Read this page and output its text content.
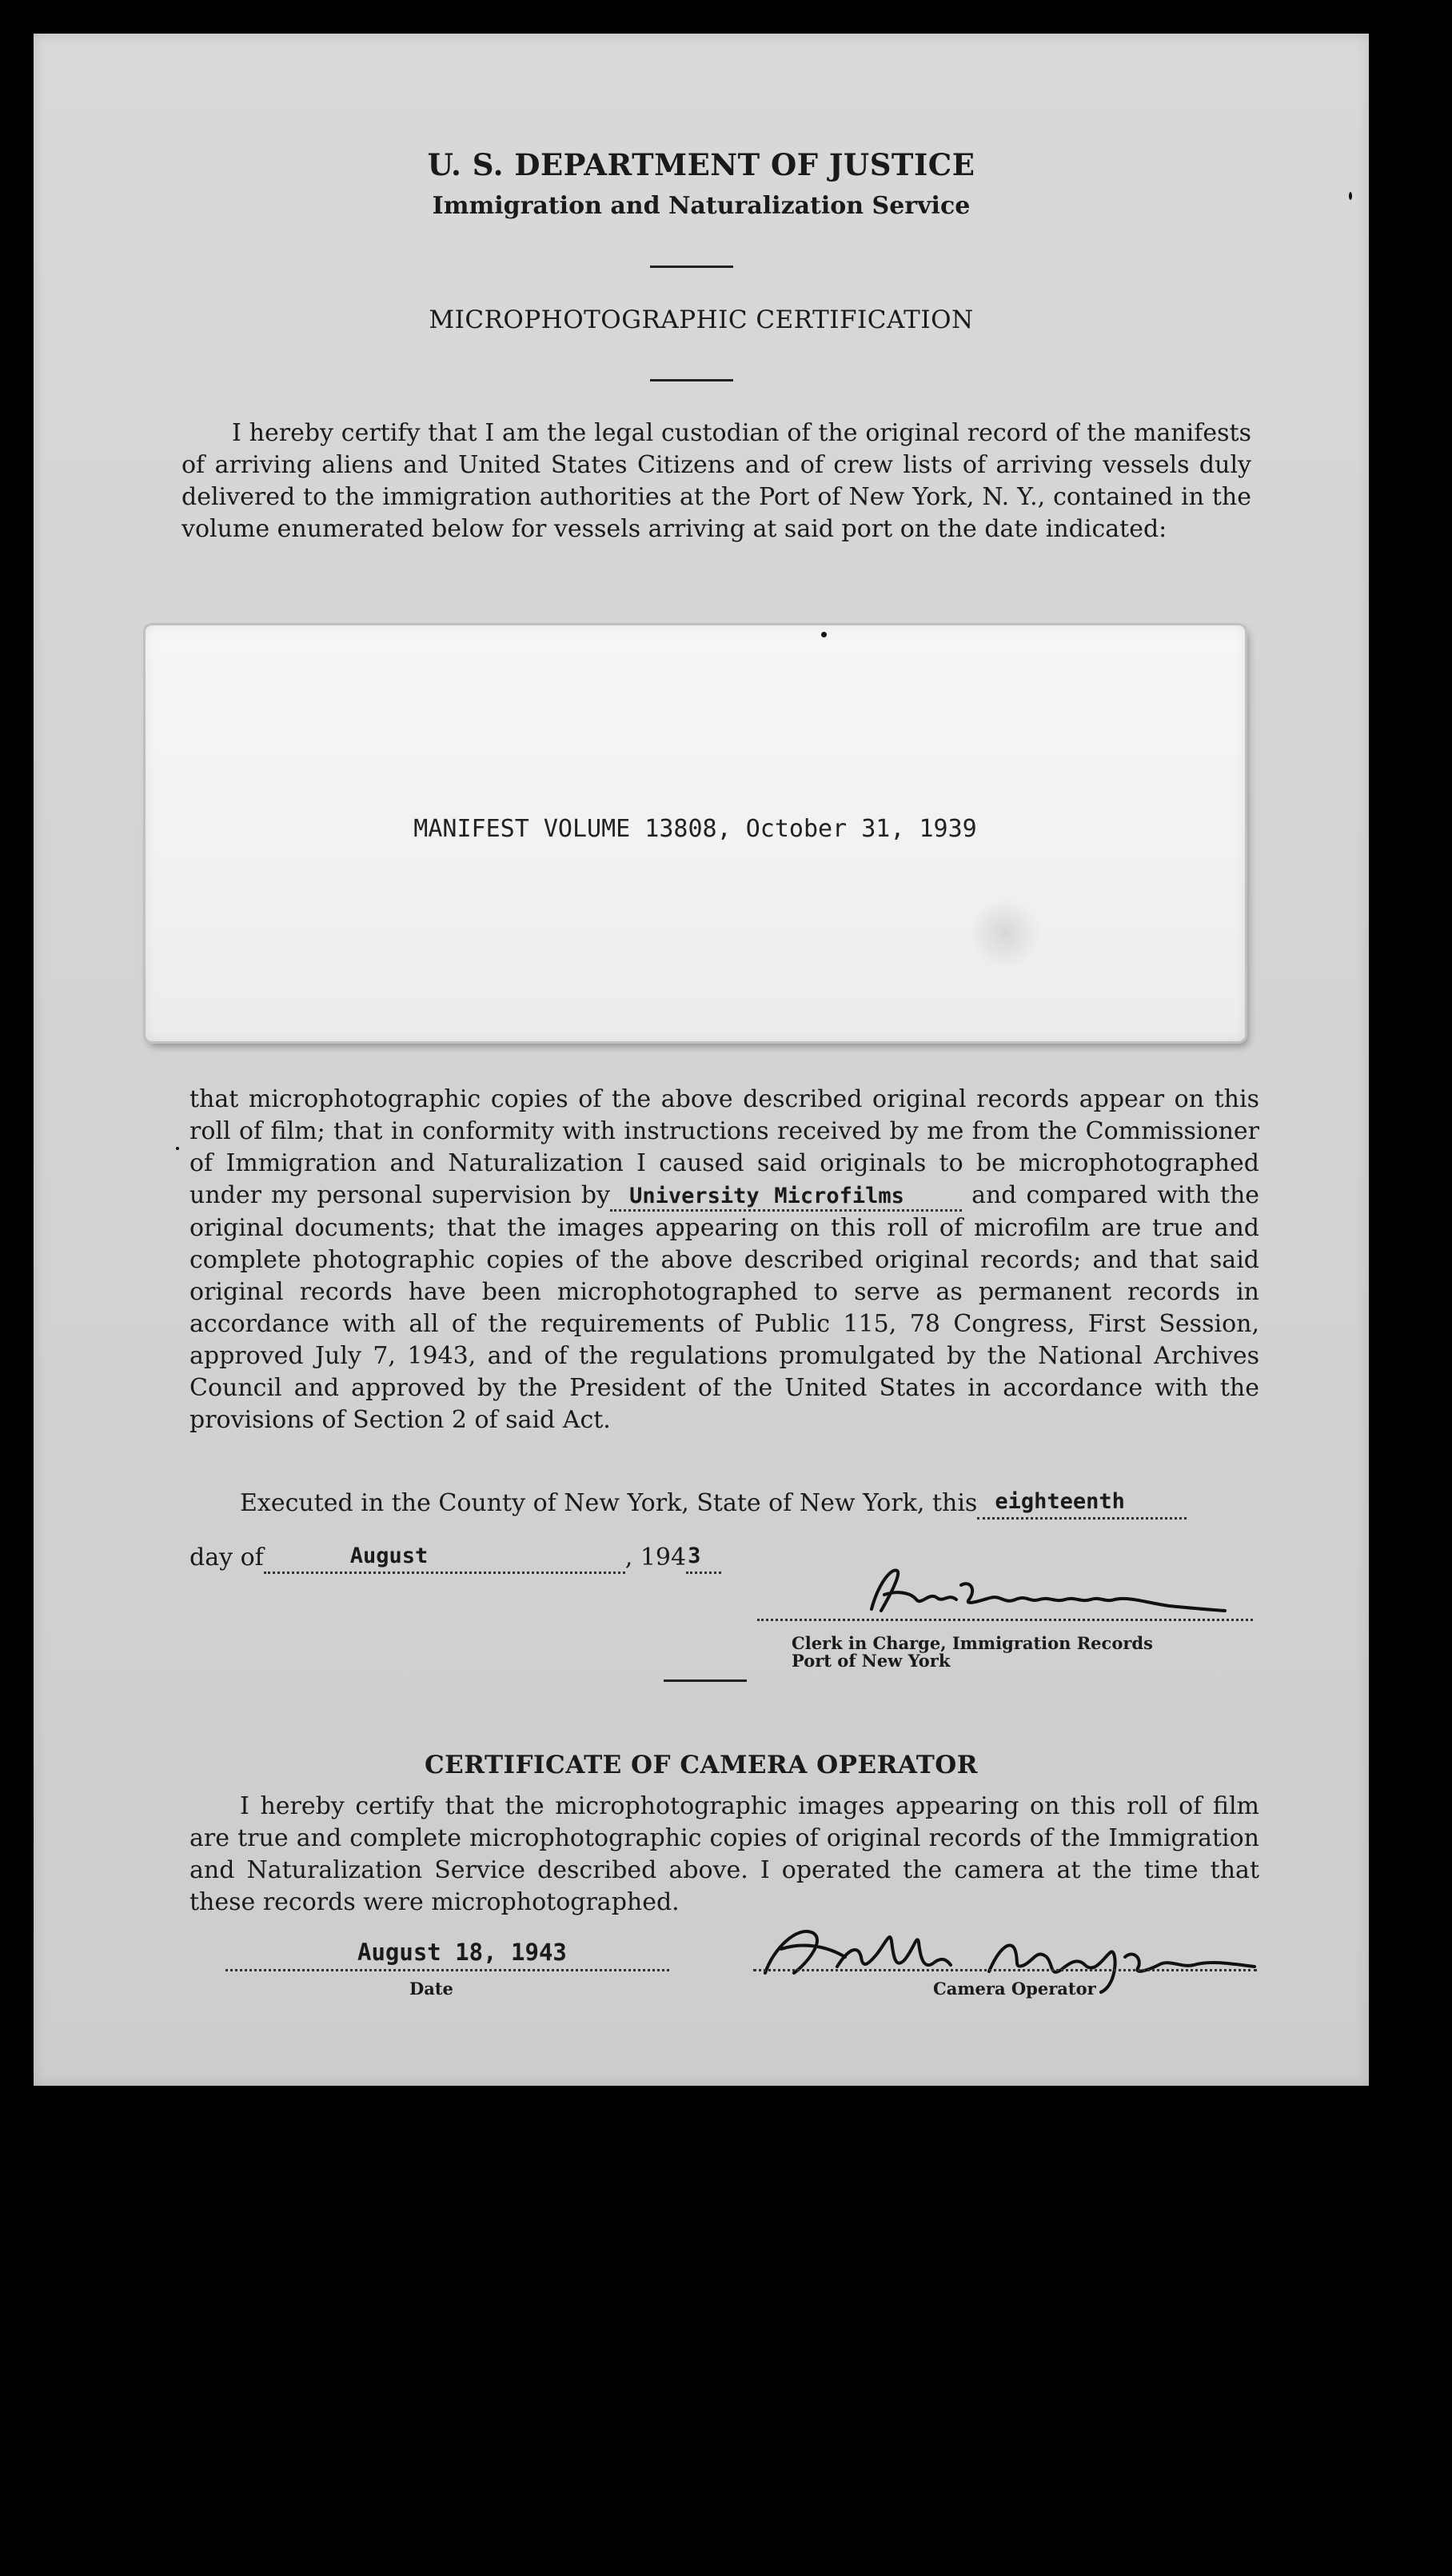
U. S. DEPARTMENT OF JUSTICE
Immigration and Naturalization Service
MICROPHOTOGRAPHIC CERTIFICATION
I hereby certify that I am the legal custodian of the original record of the manifests of arriving aliens and United States Citizens and of crew lists of arriving vessels duly delivered to the immigration authorities at the Port of New York, N. Y., contained in the volume enumerated below for vessels arriving at said port on the date indicated:
MANIFEST VOLUME 13808, October 31, 1939
that microphotographic copies of the above described original records appear on this roll of film; that in conformity with instructions received by me from the Commissioner of Immigration and Naturalization I caused said originals to be microphotographed under my personal supervision by University Microfilms	and compared with the original documents; that the images appearing on this roll of microfilm are true and complete photographic copies of the above described original records; and that said original records have been microphotographed to serve as permanent records in accordance with all of the requirements of Public 115, 78 Congress, First Session, approved July 7, 1943, and of the regulations promulgated by the National Archives Council and approved by the President of the United States in accordance with the provisions of Section 2 of said Act.
Executed in the County of New York, State of New York, this eighteenth

day of	August	, 194 3

Clerk in Charge, Immigration Records
Port of New York
CERTIFICATE OF CAMERA OPERATOR
I hereby certify that the microphotographic images appearing on this roll of film are true and complete microphotographic copies of original records of the Immigration and Naturalization Service described above. I operated the camera at the time that these records were microphotographed.
August 18, 1943
Date	Camera Operator
